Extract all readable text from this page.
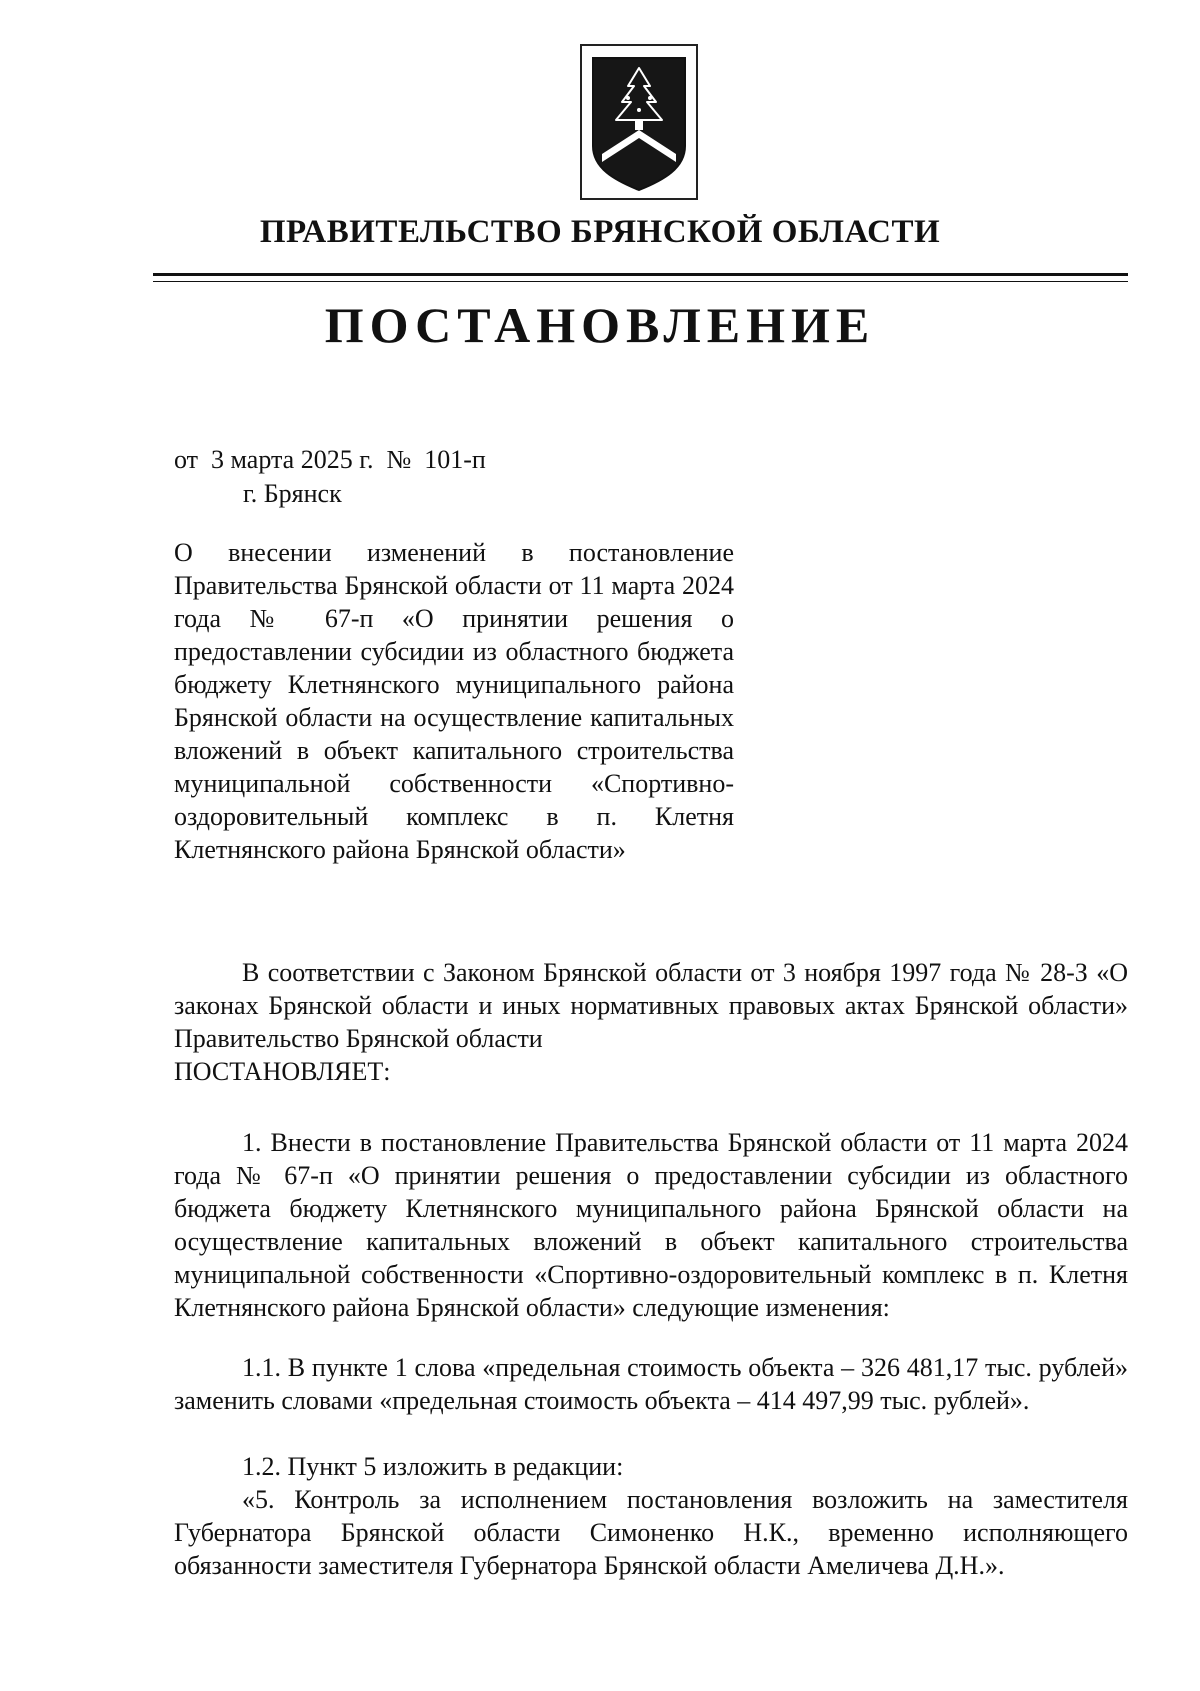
ПРАВИТЕЛЬСТВО БРЯНСКОЙ ОБЛАСТИ
ПОСТАНОВЛЕНИЕ
от  3 марта 2025 г.  №  101-п
г. Брянск
О внесении изменений в постановление Правительства Брянской области от 11 марта 2024 года № 67-п «О принятии решения о предоставлении субсидии из областного бюджета бюджету Клетнянского муниципального района Брянской области на осуществление капитальных вложений в объект капитального строительства муниципальной собственности «Спортивно-оздоровительный комплекс в п. Клетня Клетнянского района Брянской области»
В соответствии с Законом Брянской области от 3 ноября 1997 года № 28-З «О законах Брянской области и иных нормативных правовых актах Брянской области» Правительство Брянской области
ПОСТАНОВЛЯЕТ:
1. Внести в постановление Правительства Брянской области от 11 марта 2024 года № 67-п «О принятии решения о предоставлении субсидии из областного бюджета бюджету Клетнянского муниципального района Брянской области на осуществление капитальных вложений в объект капитального строительства муниципальной собственности «Спортивно-оздоровительный комплекс в п. Клетня Клетнянского района Брянской области» следующие изменения:
1.1. В пункте 1 слова «предельная стоимость объекта – 326 481,17 тыс. рублей» заменить словами «предельная стоимость объекта – 414 497,99 тыс. рублей».
1.2. Пункт 5 изложить в редакции:
«5. Контроль за исполнением постановления возложить на заместителя Губернатора Брянской области Симоненко Н.К., временно исполняющего обязанности заместителя Губернатора Брянской области Амеличева Д.Н.».
